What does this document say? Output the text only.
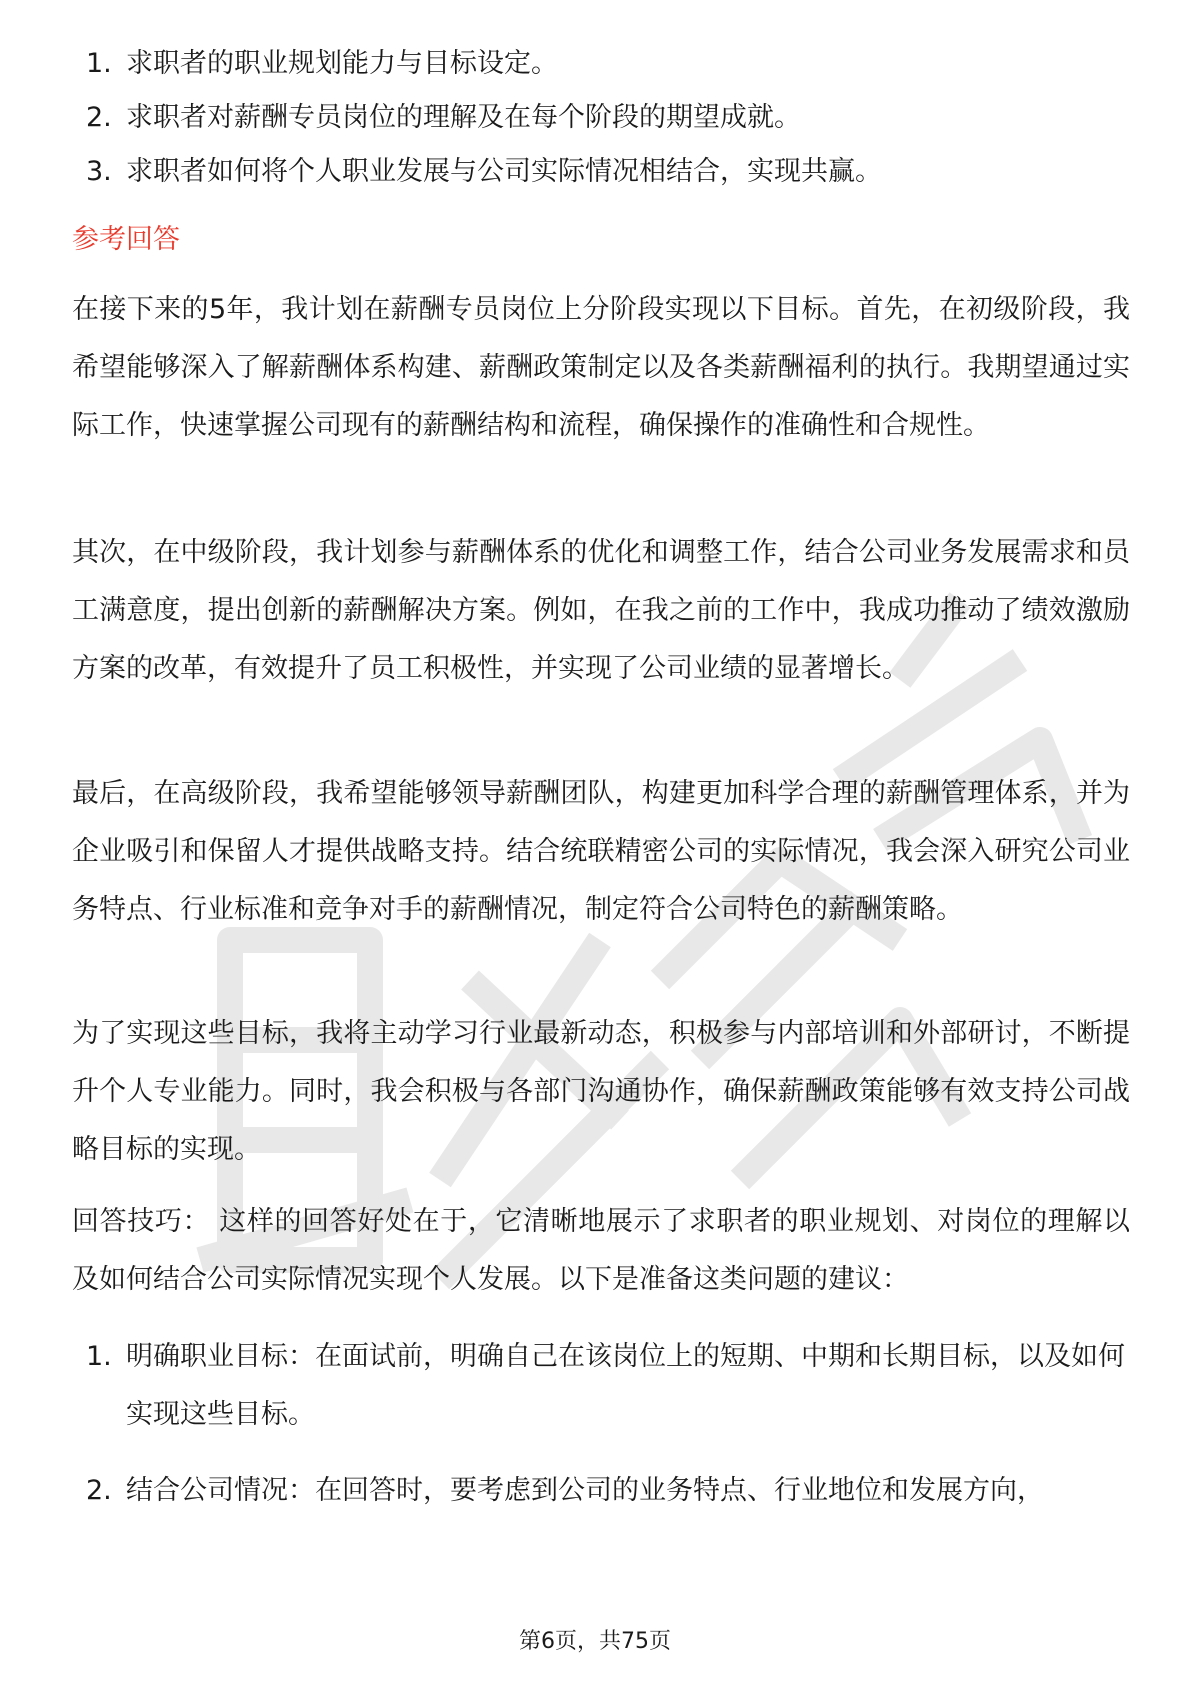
1. 求职者的职业规划能力与目标设定。
2. 求职者对薪酬专员岗位的理解及在每个阶段的期望成就。
3. 求职者如何将个人职业发展与公司实际情况相结合，实现共赢。
参考回答

在接下来的5年，我计划在薪酬专员岗位上分阶段实现以下目标。首先，在初级阶段，我希望能够深入了解薪酬体系构建、薪酬政策制定以及各类薪酬福利的执行。我期望通过实际工作，快速掌握公司现有的薪酬结构和流程，确保操作的准确性和合规性。

其次，在中级阶段，我计划参与薪酬体系的优化和调整工作，结合公司业务发展需求和员工满意度，提出创新的薪酬解决方案。例如，在我之前的工作中，我成功推动了绩效激励方案的改革，有效提升了员工积极性，并实现了公司业绩的显著增长。

最后，在高级阶段，我希望能够领导薪酬团队，构建更加科学合理的薪酬管理体系，并为企业吸引和保留人才提供战略支持。结合统联精密公司的实际情况，我会深入研究公司业务特点、行业标准和竞争对手的薪酬情况，制定符合公司特色的薪酬策略。

为了实现这些目标，我将主动学习行业最新动态，积极参与内部培训和外部研讨，不断提升个人专业能力。同时，我会积极与各部门沟通协作，确保薪酬政策能够有效支持公司战略目标的实现。

回答技巧： 这样的回答好处在于，它清晰地展示了求职者的职业规划、对岗位的理解以及如何结合公司实际情况实现个人发展。以下是准备这类问题的建议：

1. 明确职业目标：在面试前，明确自己在该岗位上的短期、中期和长期目标，以及如何实现这些目标。
2. 结合公司情况：在回答时，要考虑到公司的业务特点、行业地位和发展方向，
第6页，共75页
